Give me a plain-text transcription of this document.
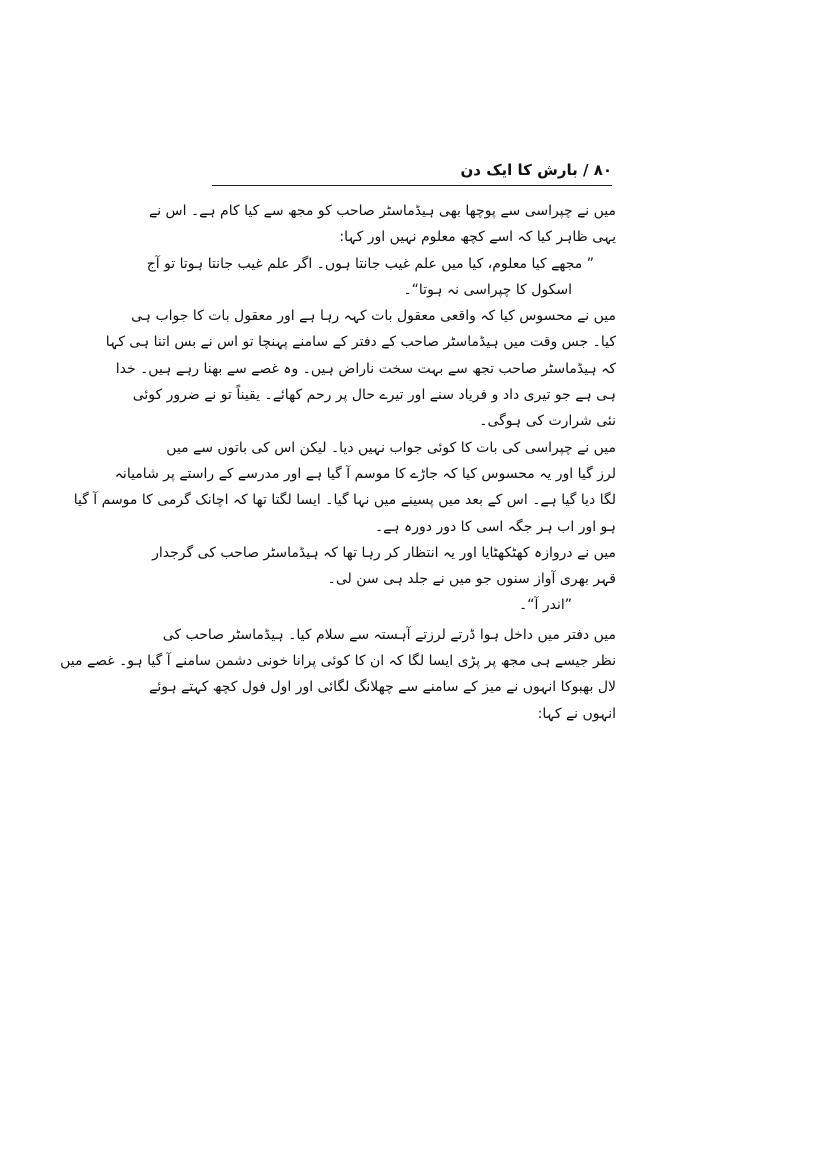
٨٠ / بارش کا ایک دن
میں نے چپراسی سے پوچھا بھی ہیڈماسٹر صاحب کو مجھ سے کیا کام ہے۔ اس نے
یہی ظاہر کیا کہ اسے کچھ معلوم نہیں اور کہا:
” مجھے کیا معلوم، کیا میں علم غیب جانتا ہوں۔ اگر علم غیب جانتا ہوتا تو آج
اسکول کا چپراسی نہ ہوتا“۔
میں نے محسوس کیا کہ واقعی معقول بات کہہ رہا ہے اور معقول بات کا جواب ہی
کیا۔ جس وقت میں ہیڈماسٹر صاحب کے دفتر کے سامنے پہنچا تو اس نے بس اتنا ہی کہا
کہ ہیڈماسٹر صاحب تجھ سے بہت سخت ناراض ہیں۔ وہ غصے سے بھنا رہے ہیں۔ خدا
ہی ہے جو تیری داد و فریاد سنے اور تیرے حال پر رحم کھائے۔ یقیناً تو نے ضرور کوئی
نئی شرارت کی ہوگی۔
میں نے چپراسی کی بات کا کوئی جواب نہیں دیا۔ لیکن اس کی باتوں سے میں
لرز گیا اور یہ محسوس کیا کہ جاڑے کا موسم آ گیا ہے اور مدرسے کے راستے پر شامیانہ
لگا دیا گیا ہے۔ اس کے بعد میں پسینے میں نہا گیا۔ ایسا لگتا تھا کہ اچانک گرمی کا موسم آ گیا
ہو اور اب ہر جگہ اسی کا دور دورہ ہے۔
میں نے دروازہ کھٹکھٹایا اور یہ انتظار کر رہا تھا کہ ہیڈماسٹر صاحب کی گرجدار
قہر بھری آواز سنوں جو میں نے جلد ہی سن لی۔
”اندر آ“۔
میں دفتر میں داخل ہوا ڈرتے لرزتے آہستہ سے سلام کیا۔ ہیڈماسٹر صاحب کی
نظر جیسے ہی مجھ پر پڑی ایسا لگا کہ ان کا کوئی پرانا خونی دشمن سامنے آ گیا ہو۔ غصے میں
لال بھبوکا انہوں نے میز کے سامنے سے چھلانگ لگائی اور اول فول کچھ کہتے ہوئے
انہوں نے کہا:
